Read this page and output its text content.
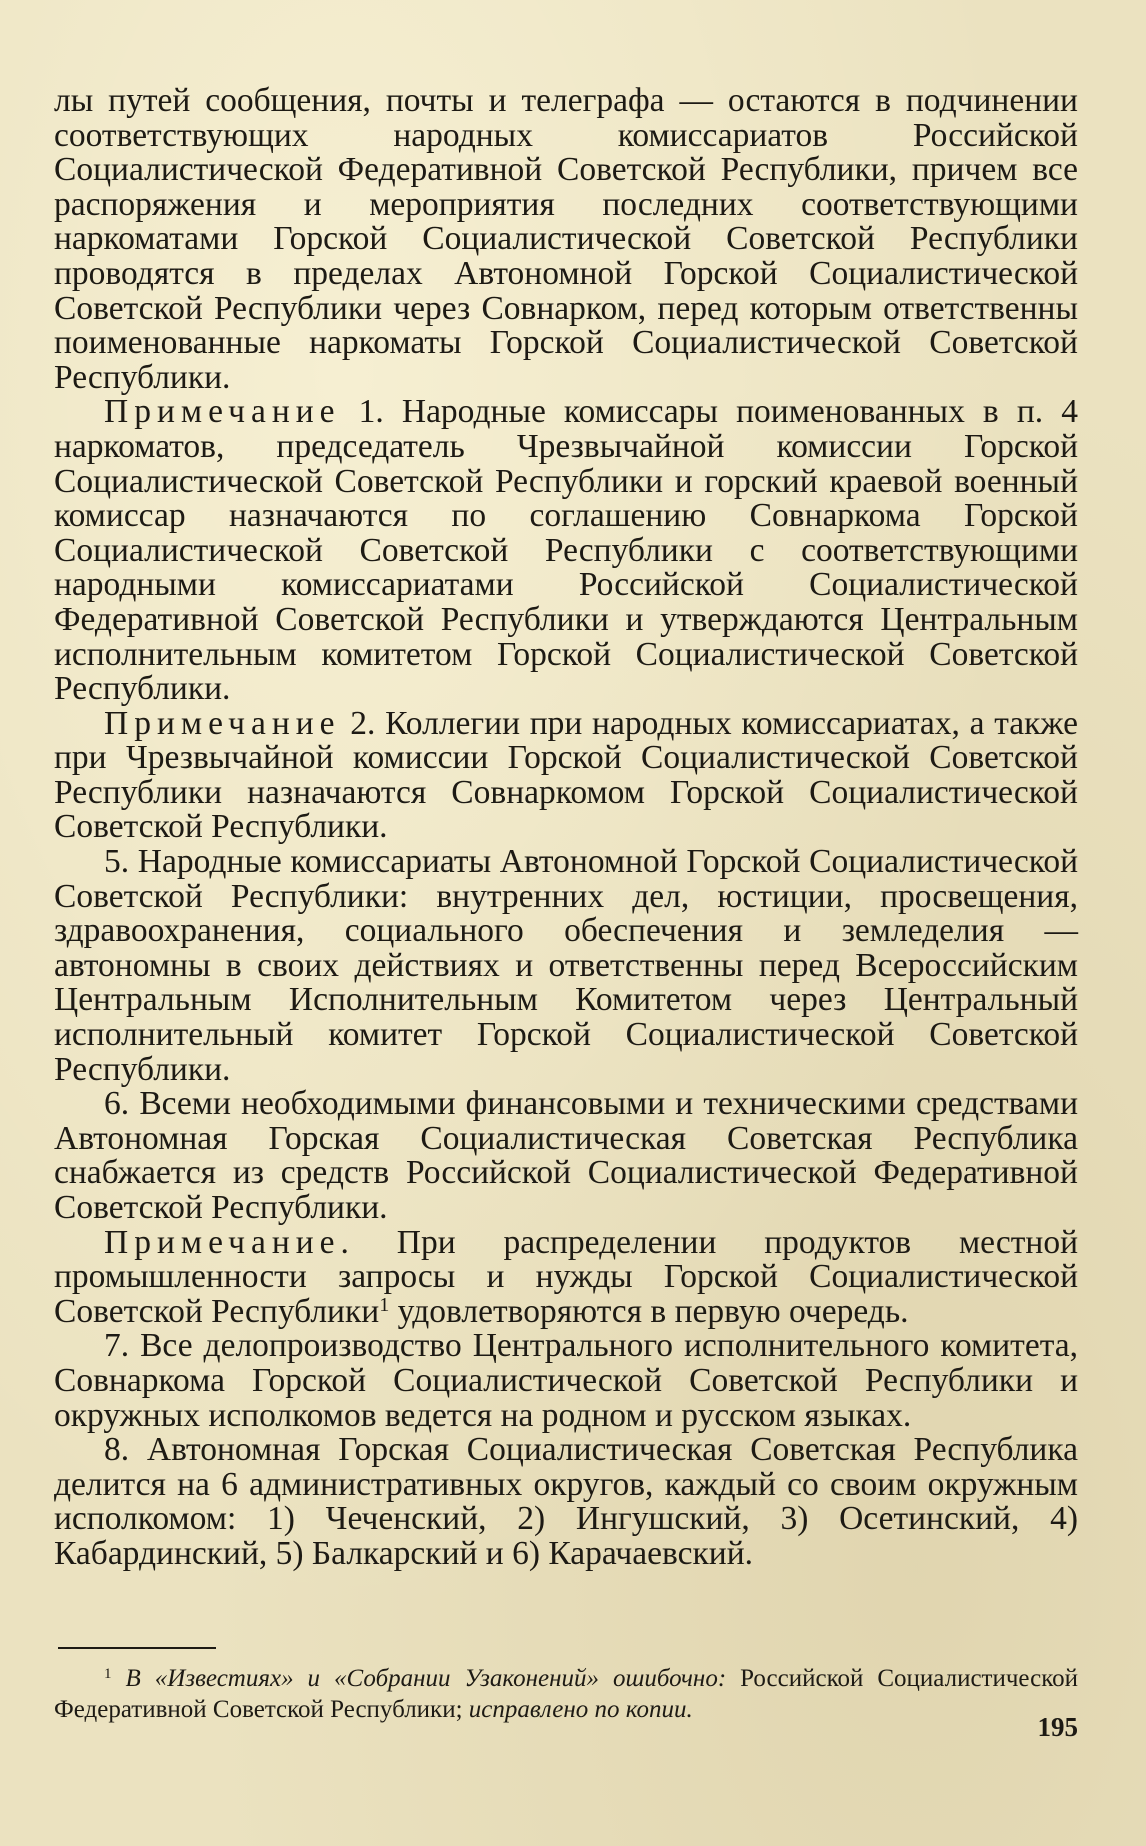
лы путей сообщения, почты и телеграфа — остаются в подчинении соответствующих народных комиссариатов Российской Социалистической Федеративной Советской Республики, причем все распоряжения и мероприятия последних соответствующими наркоматами Горской Социалистической Советской Республики проводятся в пределах Автономной Горской Социалистической Советской Республики через Совнарком, перед которым ответственны поименованные наркоматы Горской Социалистической Советской Республики.

Примечание 1. Народные комиссары поименованных в п. 4 наркоматов, председатель Чрезвычайной комиссии Горской Социалистической Советской Республики и горский краевой военный комиссар назначаются по соглашению Совнаркома Горской Социалистической Советской Республики с соответствующими народными комиссариатами Российской Социалистической Федеративной Советской Республики и утверждаются Центральным исполнительным комитетом Горской Социалистической Советской Республики.

Примечание 2. Коллегии при народных комиссариатах, а также при Чрезвычайной комиссии Горской Социалистической Советской Республики назначаются Совнаркомом Горской Социалистической Советской Республики.

5. Народные комиссариаты Автономной Горской Социалистической Советской Республики: внутренних дел, юстиции, просвещения, здравоохранения, социального обеспечения и земледелия — автономны в своих действиях и ответственны перед Всероссийским Центральным Исполнительным Комитетом через Центральный исполнительный комитет Горской Социалистической Советской Республики.

6. Всеми необходимыми финансовыми и техническими средствами Автономная Горская Социалистическая Советская Республика снабжается из средств Российской Социалистической Федеративной Советской Республики.

Примечание. При распределении продуктов местной промышленности запросы и нужды Горской Социалистической Советской Республики$^1$ удовлетворяются в первую очередь.

7. Все делопроизводство Центрального исполнительного комитета, Совнаркома Горской Социалистической Советской Республики и окружных исполкомов ведется на родном и русском языках.

8. Автономная Горская Социалистическая Советская Республика делится на 6 административных округов, каждый со своим окружным исполкомом: 1) Чеченский, 2) Ингушский, 3) Осетинский, 4) Кабардинский, 5) Балкарский и 6) Карачаевский.

$^1$ В «Известиях» и «Собрании Узаконений» ошибочно: Российской Социалистической Федеративной Советской Республики; исправлено по копии.

195
